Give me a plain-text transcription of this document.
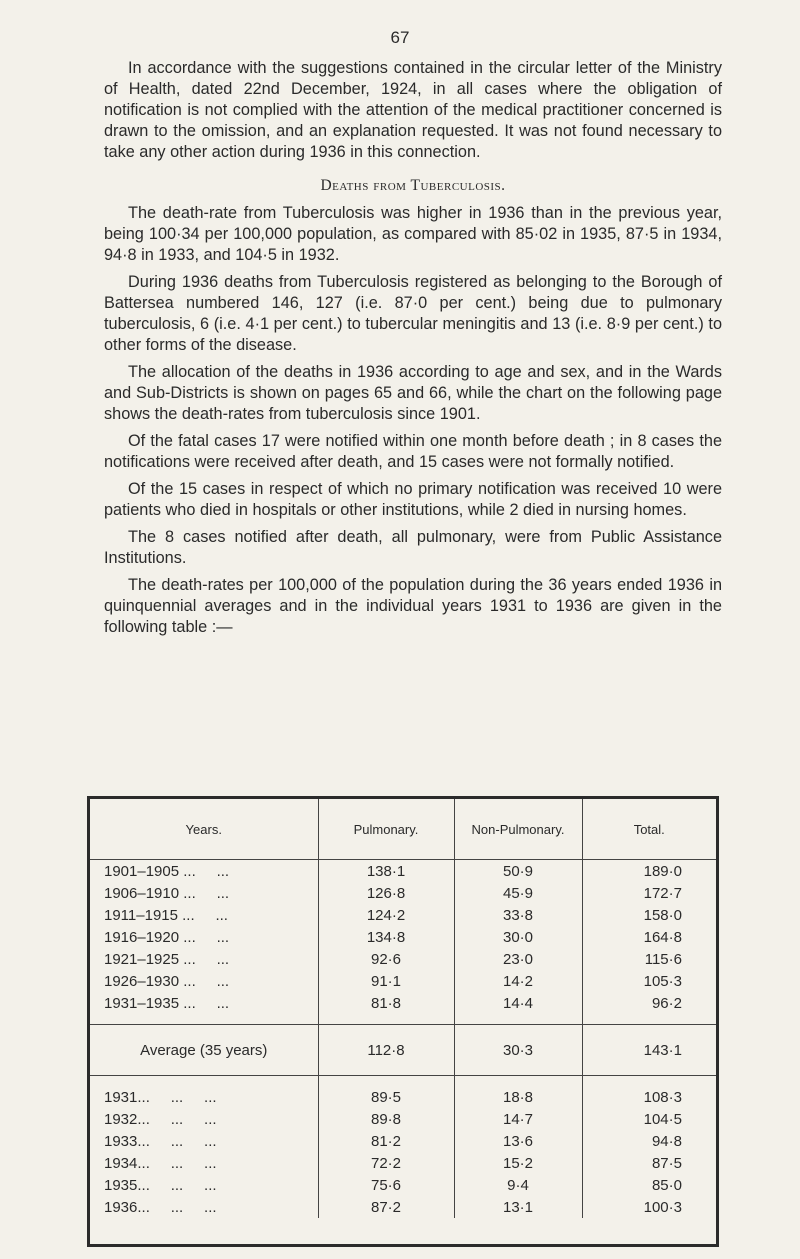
67

In accordance with the suggestions contained in the circular letter of the Ministry of Health, dated 22nd December, 1924, in all cases where the obligation of notification is not complied with the attention of the medical practitioner concerned is drawn to the omission, and an explanation requested. It was not found necessary to take any other action during 1936 in this connection.

Deaths from Tuberculosis.

The death-rate from Tuberculosis was higher in 1936 than in the previous year, being 100·34 per 100,000 population, as compared with 85·02 in 1935, 87·5 in 1934, 94·8 in 1933, and 104·5 in 1932.

During 1936 deaths from Tuberculosis registered as belonging to the Borough of Battersea numbered 146, 127 (i.e. 87·0 per cent.) being due to pulmonary tuberculosis, 6 (i.e. 4·1 per cent.) to tubercular meningitis and 13 (i.e. 8·9 per cent.) to other forms of the disease.

The allocation of the deaths in 1936 according to age and sex, and in the Wards and Sub-Districts is shown on pages 65 and 66, while the chart on the following page shows the death-rates from tuberculosis since 1901.

Of the fatal cases 17 were notified within one month before death ; in 8 cases the notifications were received after death, and 15 cases were not formally notified.

Of the 15 cases in respect of which no primary notification was received 10 were patients who died in hospitals or other institutions, while 2 died in nursing homes.

The 8 cases notified after death, all pulmonary, were from Public Assistance Institutions.

The death-rates per 100,000 of the population during the 36 years ended 1936 in quinquennial averages and in the individual years 1931 to 1936 are given in the following table :—

Years.	Pulmonary.	Non-Pulmonary.	Total.
1901–1905 ...     ...	138·1	50·9	189·0
1906–1910 ...     ...	126·8	45·9	172·7
1911–1915 ...     ...	124·2	33·8	158·0
1916–1920 ...     ...	134·8	30·0	164·8
1921–1925 ...     ...	92·6	23·0	115·6
1926–1930 ...     ...	91·1	14·2	105·3
1931–1935 ...     ...	81·8	14·4	96·2

Average (35 years)	112·8	30·3	143·1

1931...     ...     ...	89·5	18·8	108·3
1932...     ...     ...	89·8	14·7	104·5
1933...     ...     ...	81·2	13·6	94·8
1934...     ...     ...	72·2	15·2	87·5
1935...     ...     ...	75·6	9·4	85·0
1936...     ...     ...	87·2	13·1	100·3
